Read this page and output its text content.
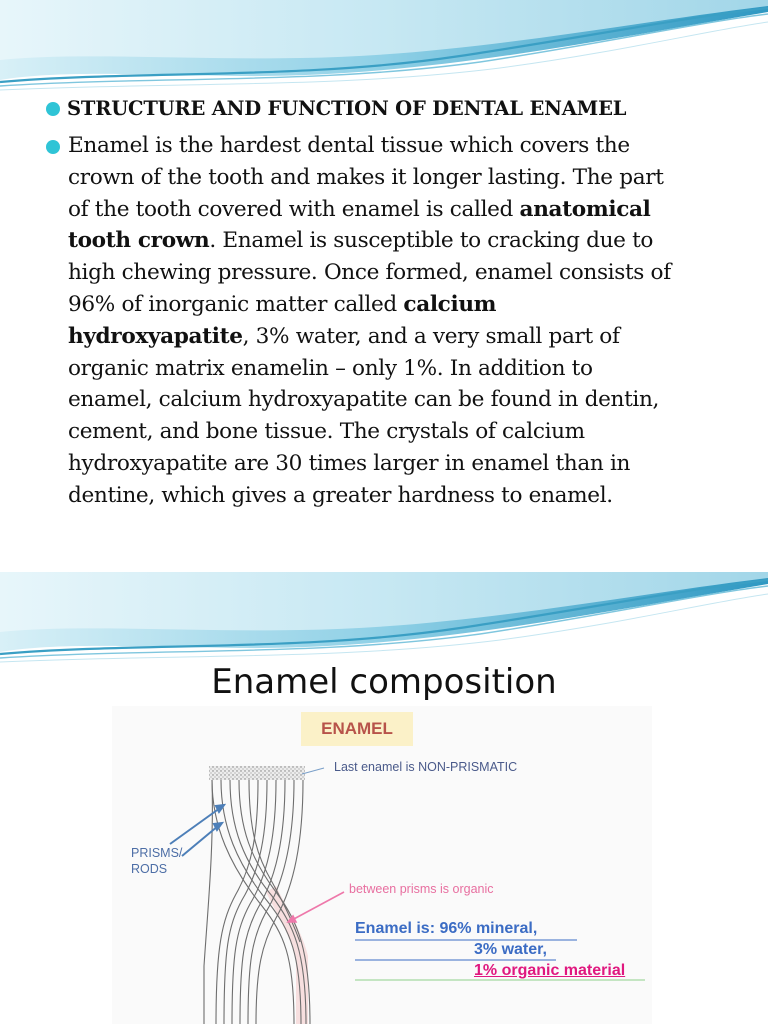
STRUCTURE AND FUNCTION OF DENTAL ENAMEL
Enamel is the hardest dental tissue which covers the
crown of the tooth and makes it longer lasting. The part
of the tooth covered with enamel is called anatomical
tooth crown. Enamel is susceptible to cracking due to
high chewing pressure. Once formed, enamel consists of
96% of inorganic matter called calcium
hydroxyapatite, 3% water, and a very small part of
organic matrix enamelin – only 1%. In addition to
enamel, calcium hydroxyapatite can be found in dentin,
cement, and bone tissue. The crystals of calcium
hydroxyapatite are 30 times larger in enamel than in
dentine, which gives a greater hardness to enamel.
Enamel composition
ENAMEL
Last enamel is NON-PRISMATIC
PRISMS/
RODS
between prisms is organic
Enamel is: 96% mineral,
3% water,
1% organic material
